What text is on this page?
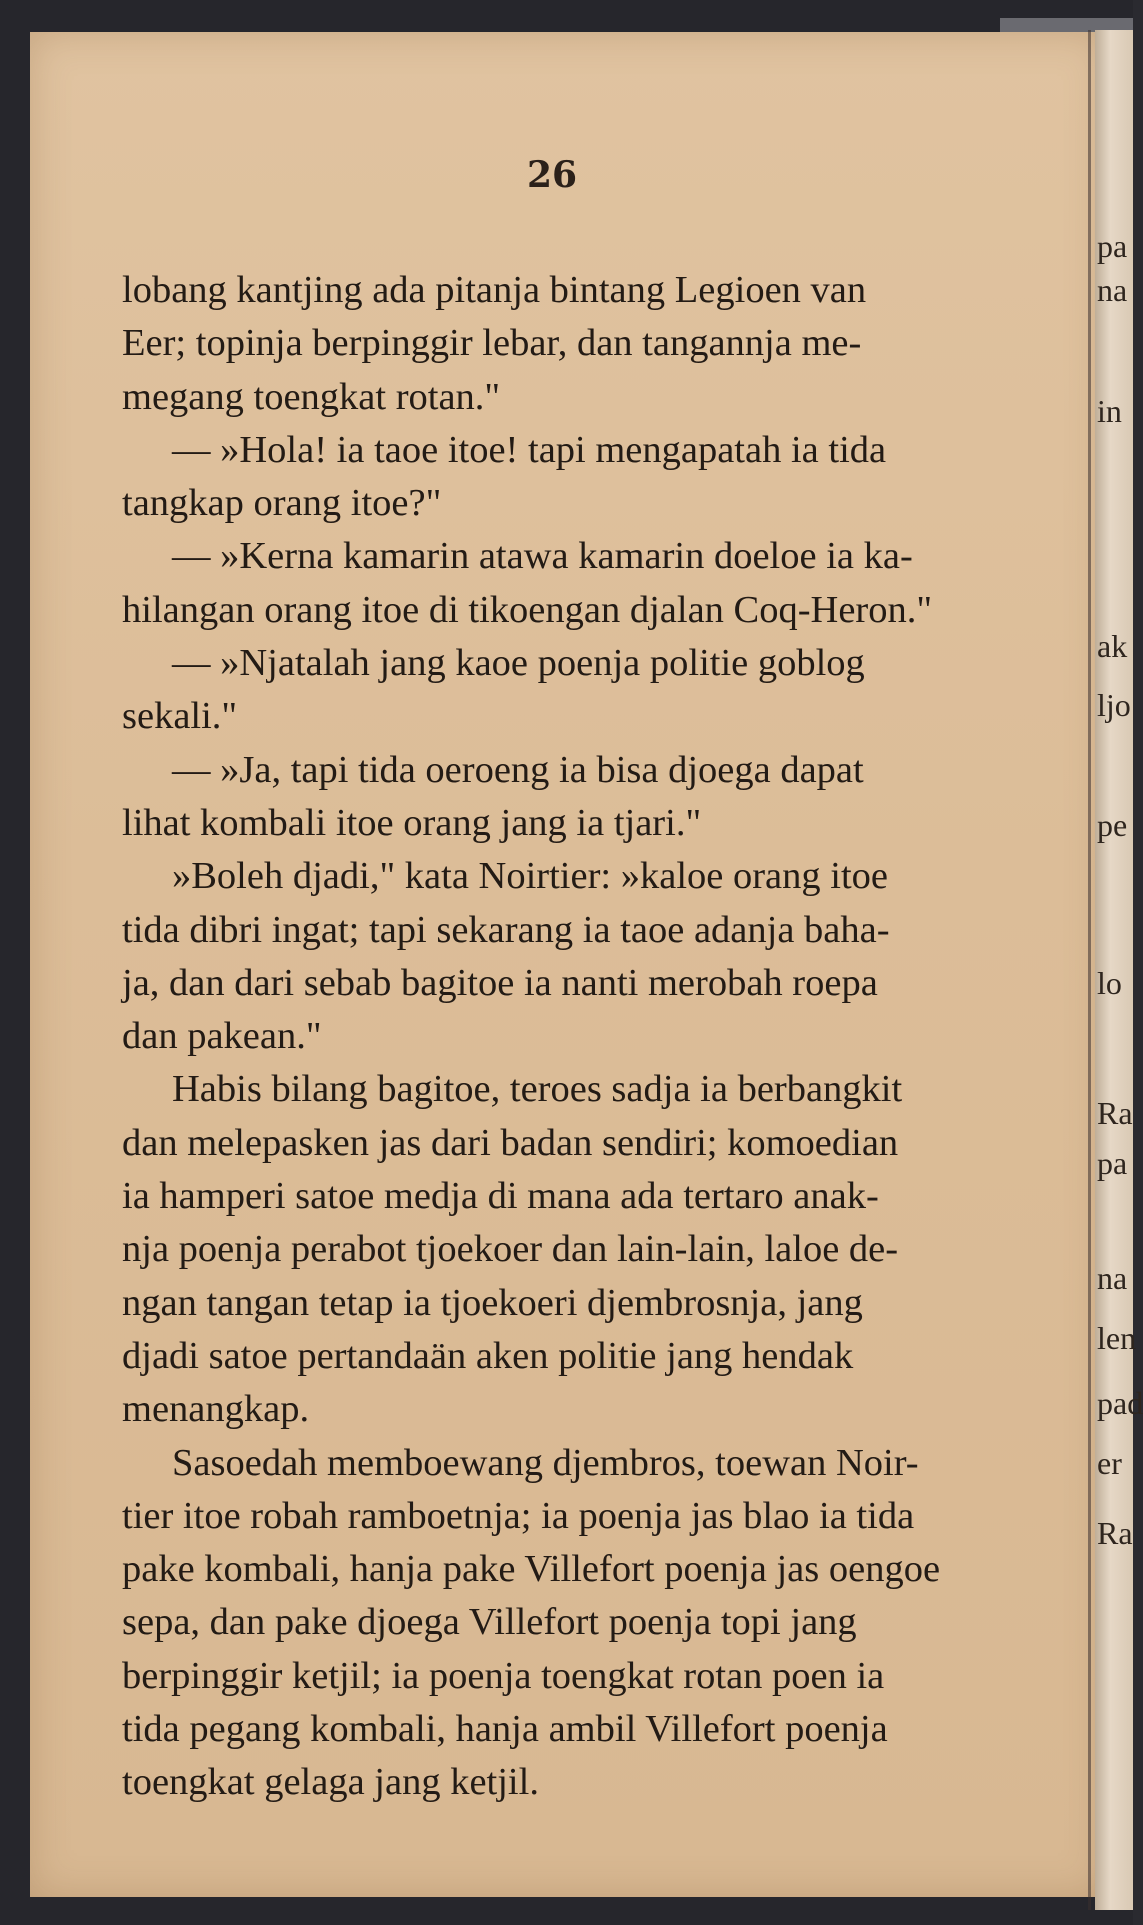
26
lobang kantjing ada pitanja bintang Legioen van
Eer; topinja berpinggir lebar, dan tangannja me-
megang toengkat rotan."
— »Hola! ia taoe itoe! tapi mengapatah ia tida
tangkap orang itoe?"
— »Kerna kamarin atawa kamarin doeloe ia ka-
hilangan orang itoe di tikoengan djalan Coq-Heron."
— »Njatalah jang kaoe poenja politie goblog
sekali."
— »Ja, tapi tida oeroeng ia bisa djoega dapat
lihat kombali itoe orang jang ia tjari."
»Boleh djadi," kata Noirtier: »kaloe orang itoe
tida dibri ingat; tapi sekarang ia taoe adanja baha-
ja, dan dari sebab bagitoe ia nanti merobah roepa
dan pakean."
Habis bilang bagitoe, teroes sadja ia berbangkit
dan melepasken jas dari badan sendiri; komoedian
ia hamperi satoe medja di mana ada tertaro anak-
nja poenja perabot tjoekoer dan lain-lain, laloe de-
ngan tangan tetap ia tjoekoeri djembrosnja, jang
djadi satoe pertandaän aken politie jang hendak
menangkap.
Sasoedah memboewang djembros, toewan Noir-
tier itoe robah ramboetnja; ia poenja jas blao ia tida
pake kombali, hanja pake Villefort poenja jas oengoe
sepa, dan pake djoega Villefort poenja topi jang
berpinggir ketjil; ia poenja toengkat rotan poen ia
tida pegang kombali, hanja ambil Villefort poenja
toengkat gelaga jang ketjil.
pa
na
in
ak
ljo
pe
lo
Ra
pa
na
len
pad
er
Ra
